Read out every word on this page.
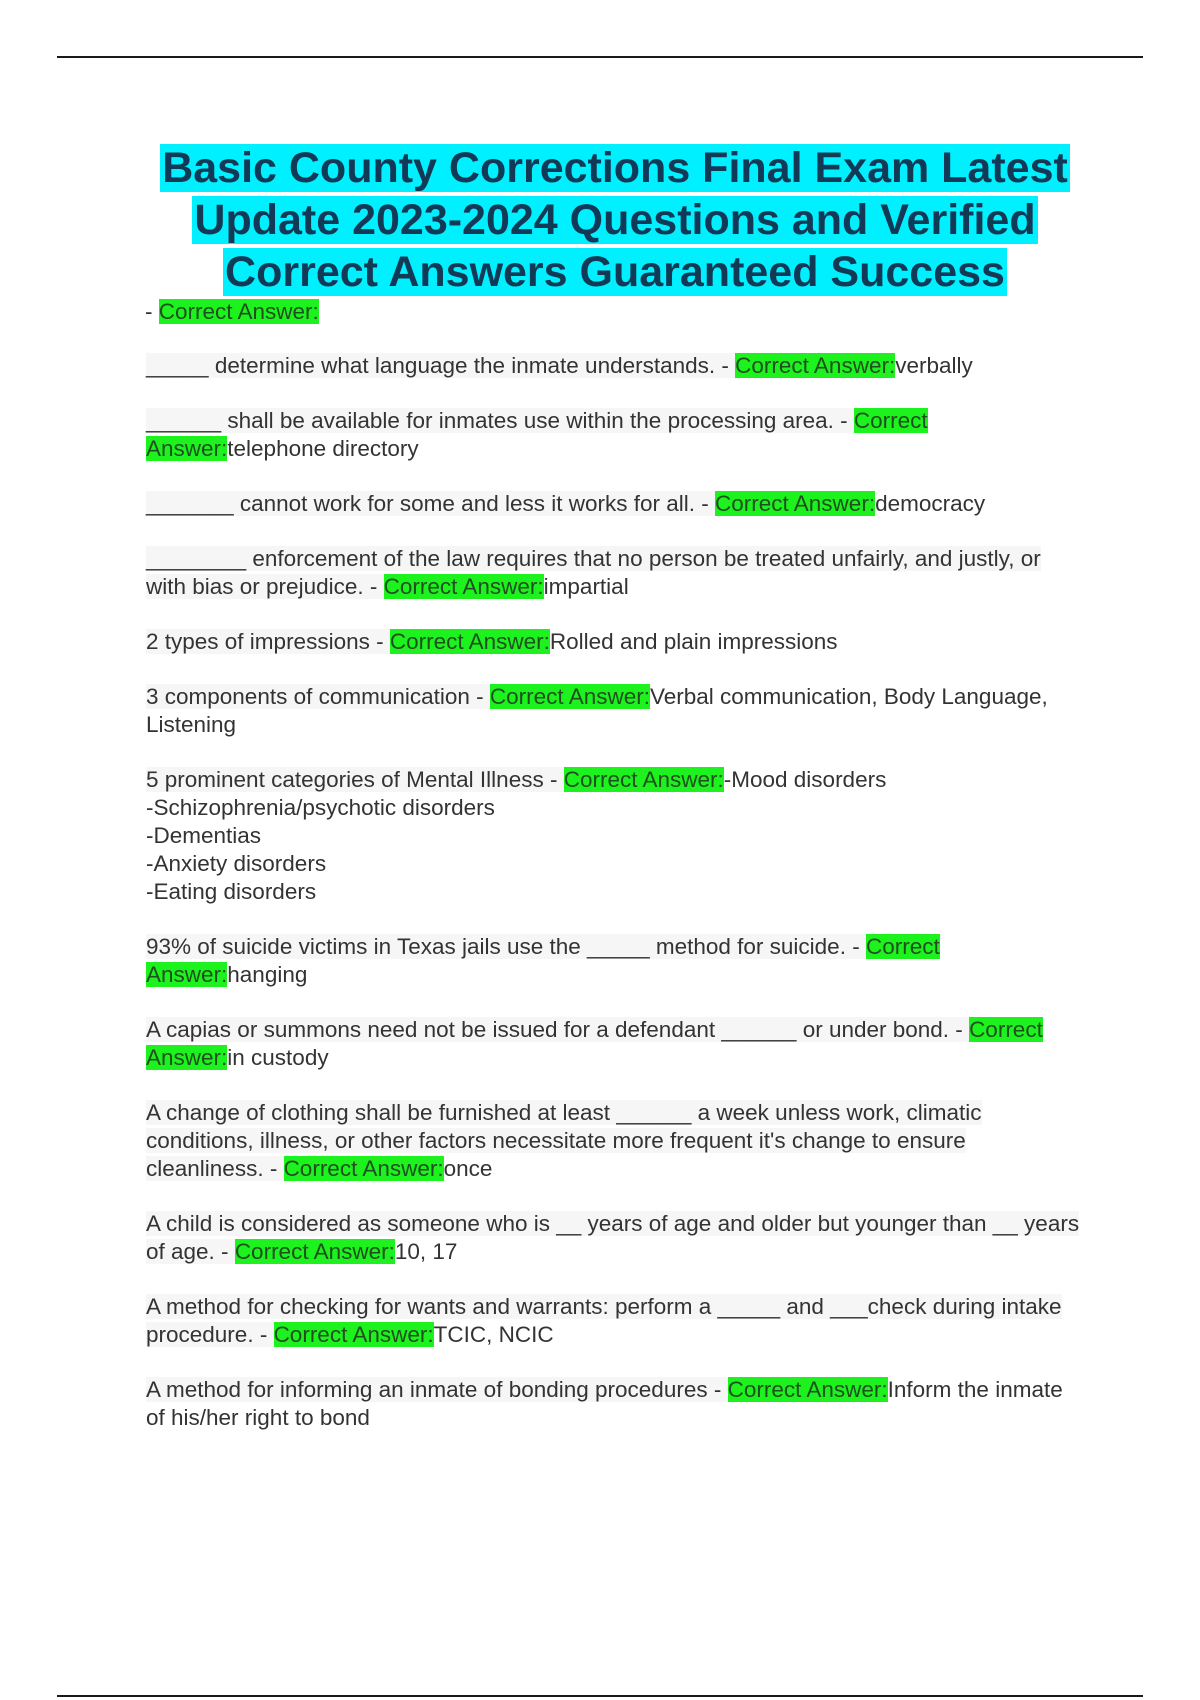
Basic County Corrections Final Exam Latest Update 2023-2024 Questions and Verified Correct Answers Guaranteed Success
- Correct Answer:
_____ determine what language the inmate understands. - Correct Answer:verbally
______ shall be available for inmates use within the processing area. - Correct Answer:telephone directory
_______ cannot work for some and less it works for all. - Correct Answer:democracy
________ enforcement of the law requires that no person be treated unfairly, and justly, or with bias or prejudice. - Correct Answer:impartial
2 types of impressions - Correct Answer:Rolled and plain impressions
3 components of communication - Correct Answer:Verbal communication, Body Language, Listening
5 prominent categories of Mental Illness - Correct Answer:-Mood disorders
-Schizophrenia/psychotic disorders
-Dementias
-Anxiety disorders
-Eating disorders
93% of suicide victims in Texas jails use the _____ method for suicide. - Correct Answer:hanging
A capias or summons need not be issued for a defendant ______ or under bond. - Correct Answer:in custody
A change of clothing shall be furnished at least ______ a week unless work, climatic conditions, illness, or other factors necessitate more frequent it's change to ensure cleanliness. - Correct Answer:once
A child is considered as someone who is __ years of age and older but younger than __ years of age. - Correct Answer:10, 17
A method for checking for wants and warrants: perform a _____ and ___check during intake procedure. - Correct Answer:TCIC, NCIC
A method for informing an inmate of bonding procedures - Correct Answer:Inform the inmate of his/her right to bond
